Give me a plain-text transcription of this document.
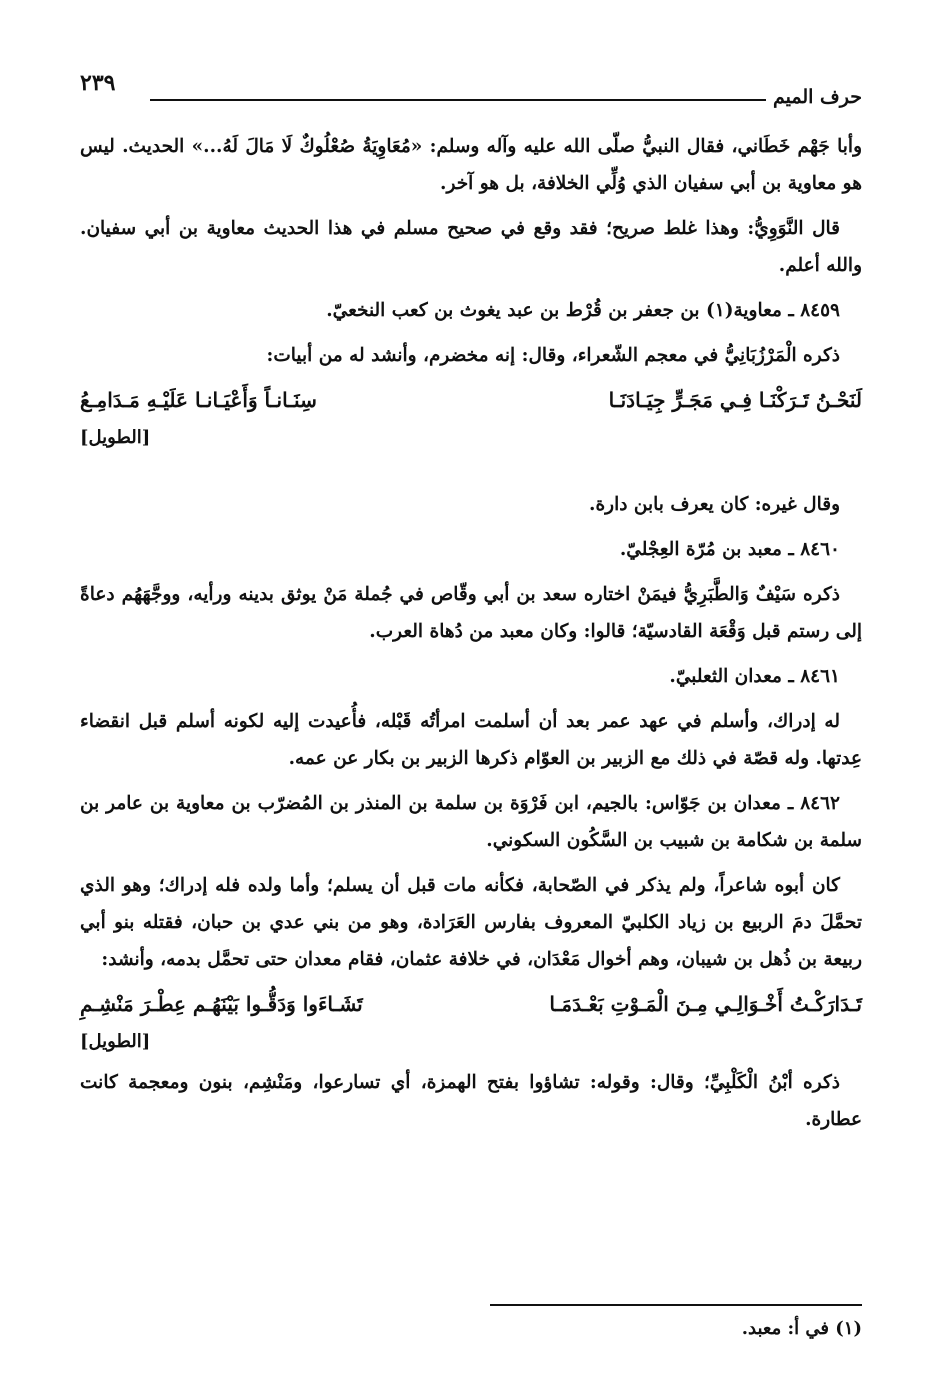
حرف الميم
٢٣٩

وأبا جَهْم خَطَاني، فقال النبيُّ صلّى الله عليه وآله وسلم: «مُعَاوِيَةُ صُعْلُوكٌ لَا مَالَ لَهُ...» الحديث. ليس هو معاوية بن أبي سفيان الذي وُلِّي الخلافة، بل هو آخر.

قال النَّوَوِيُّ: وهذا غلط صريح؛ فقد وقع في صحيح مسلم في هذا الحديث معاوية بن أبي سفيان. والله أعلم.

٨٤٥٩ ـ معاوية(١) بن جعفر بن قُرْط بن عبد يغوث بن كعب النخعيّ.

ذكره الْمَرْزُبَانِيُّ في معجم الشّعراء، وقال: إنه مخضرم، وأنشد له من أبيات:

لَنَحْـنُ تَـرَكْنَـا فِـي مَجَـرٍّ جِيَـادَنَـا
سِنَـانـاً وَأَعْيَـانـا عَلَيْـهِ مَـدَامِـعُ
[الطويل]

وقال غيره: كان يعرف بابن دارة.

٨٤٦٠ ـ معبد بن مُرّة العِجْليّ.

ذكره سَيْفٌ وَالطَّبَرِيُّ فيمَنْ اختاره سعد بن أبي وقّاص في جُملة مَنْ يوثق بدينه ورأيه، ووجَّهَهُم دعاةً إلى رستم قبل وَقْعَة القادسيّة؛ قالوا: وكان معبد من دُهاة العرب.

٨٤٦١ ـ معدان الثعلبيّ.

له إدراك، وأسلم في عهد عمر بعد أن أسلمت امرأتُه قَبْله، فأُعيدت إليه لكونه أسلم قبل انقضاء عِدتها. وله قصّة في ذلك مع الزبير بن العوّام ذكرها الزبير بن بكار عن عمه.

٨٤٦٢ ـ معدان بن جَوّاس: بالجيم، ابن فَرْوَة بن سلمة بن المنذر بن المُضرّب بن معاوية بن عامر بن سلمة بن شكامة بن شبيب بن السَّكُون السكوني.

كان أبوه شاعراً، ولم يذكر في الصّحابة، فكأنه مات قبل أن يسلم؛ وأما ولده فله إدراك؛ وهو الذي تحمَّلَ دمَ الربيع بن زياد الكلبيّ المعروف بفارس العَرَادة، وهو من بني عدي بن حبان، فقتله بنو أبي ربيعة بن ذُهل بن شيبان، وهم أخوال مَعْدَان، في خلافة عثمان، فقام معدان حتى تحمَّل بدمه، وأنشد:

تَـدَارَكْـتُ أَخْـوَالِـي مِـنَ الْمَـوْتِ بَعْـدَمَـا
تَشَـاءَوا وَدَقُّـوا بَيْنَهُـم عِطْـرَ مَنْشِـمِ
[الطويل]

ذكره أبْنُ الْكَلْبِيِّ؛ وقال: وقوله: تشاؤوا بفتح الهمزة، أي تسارعوا، ومَنْشِم، بنون ومعجمة كانت عطارة.

(١) في أ: معبد.
